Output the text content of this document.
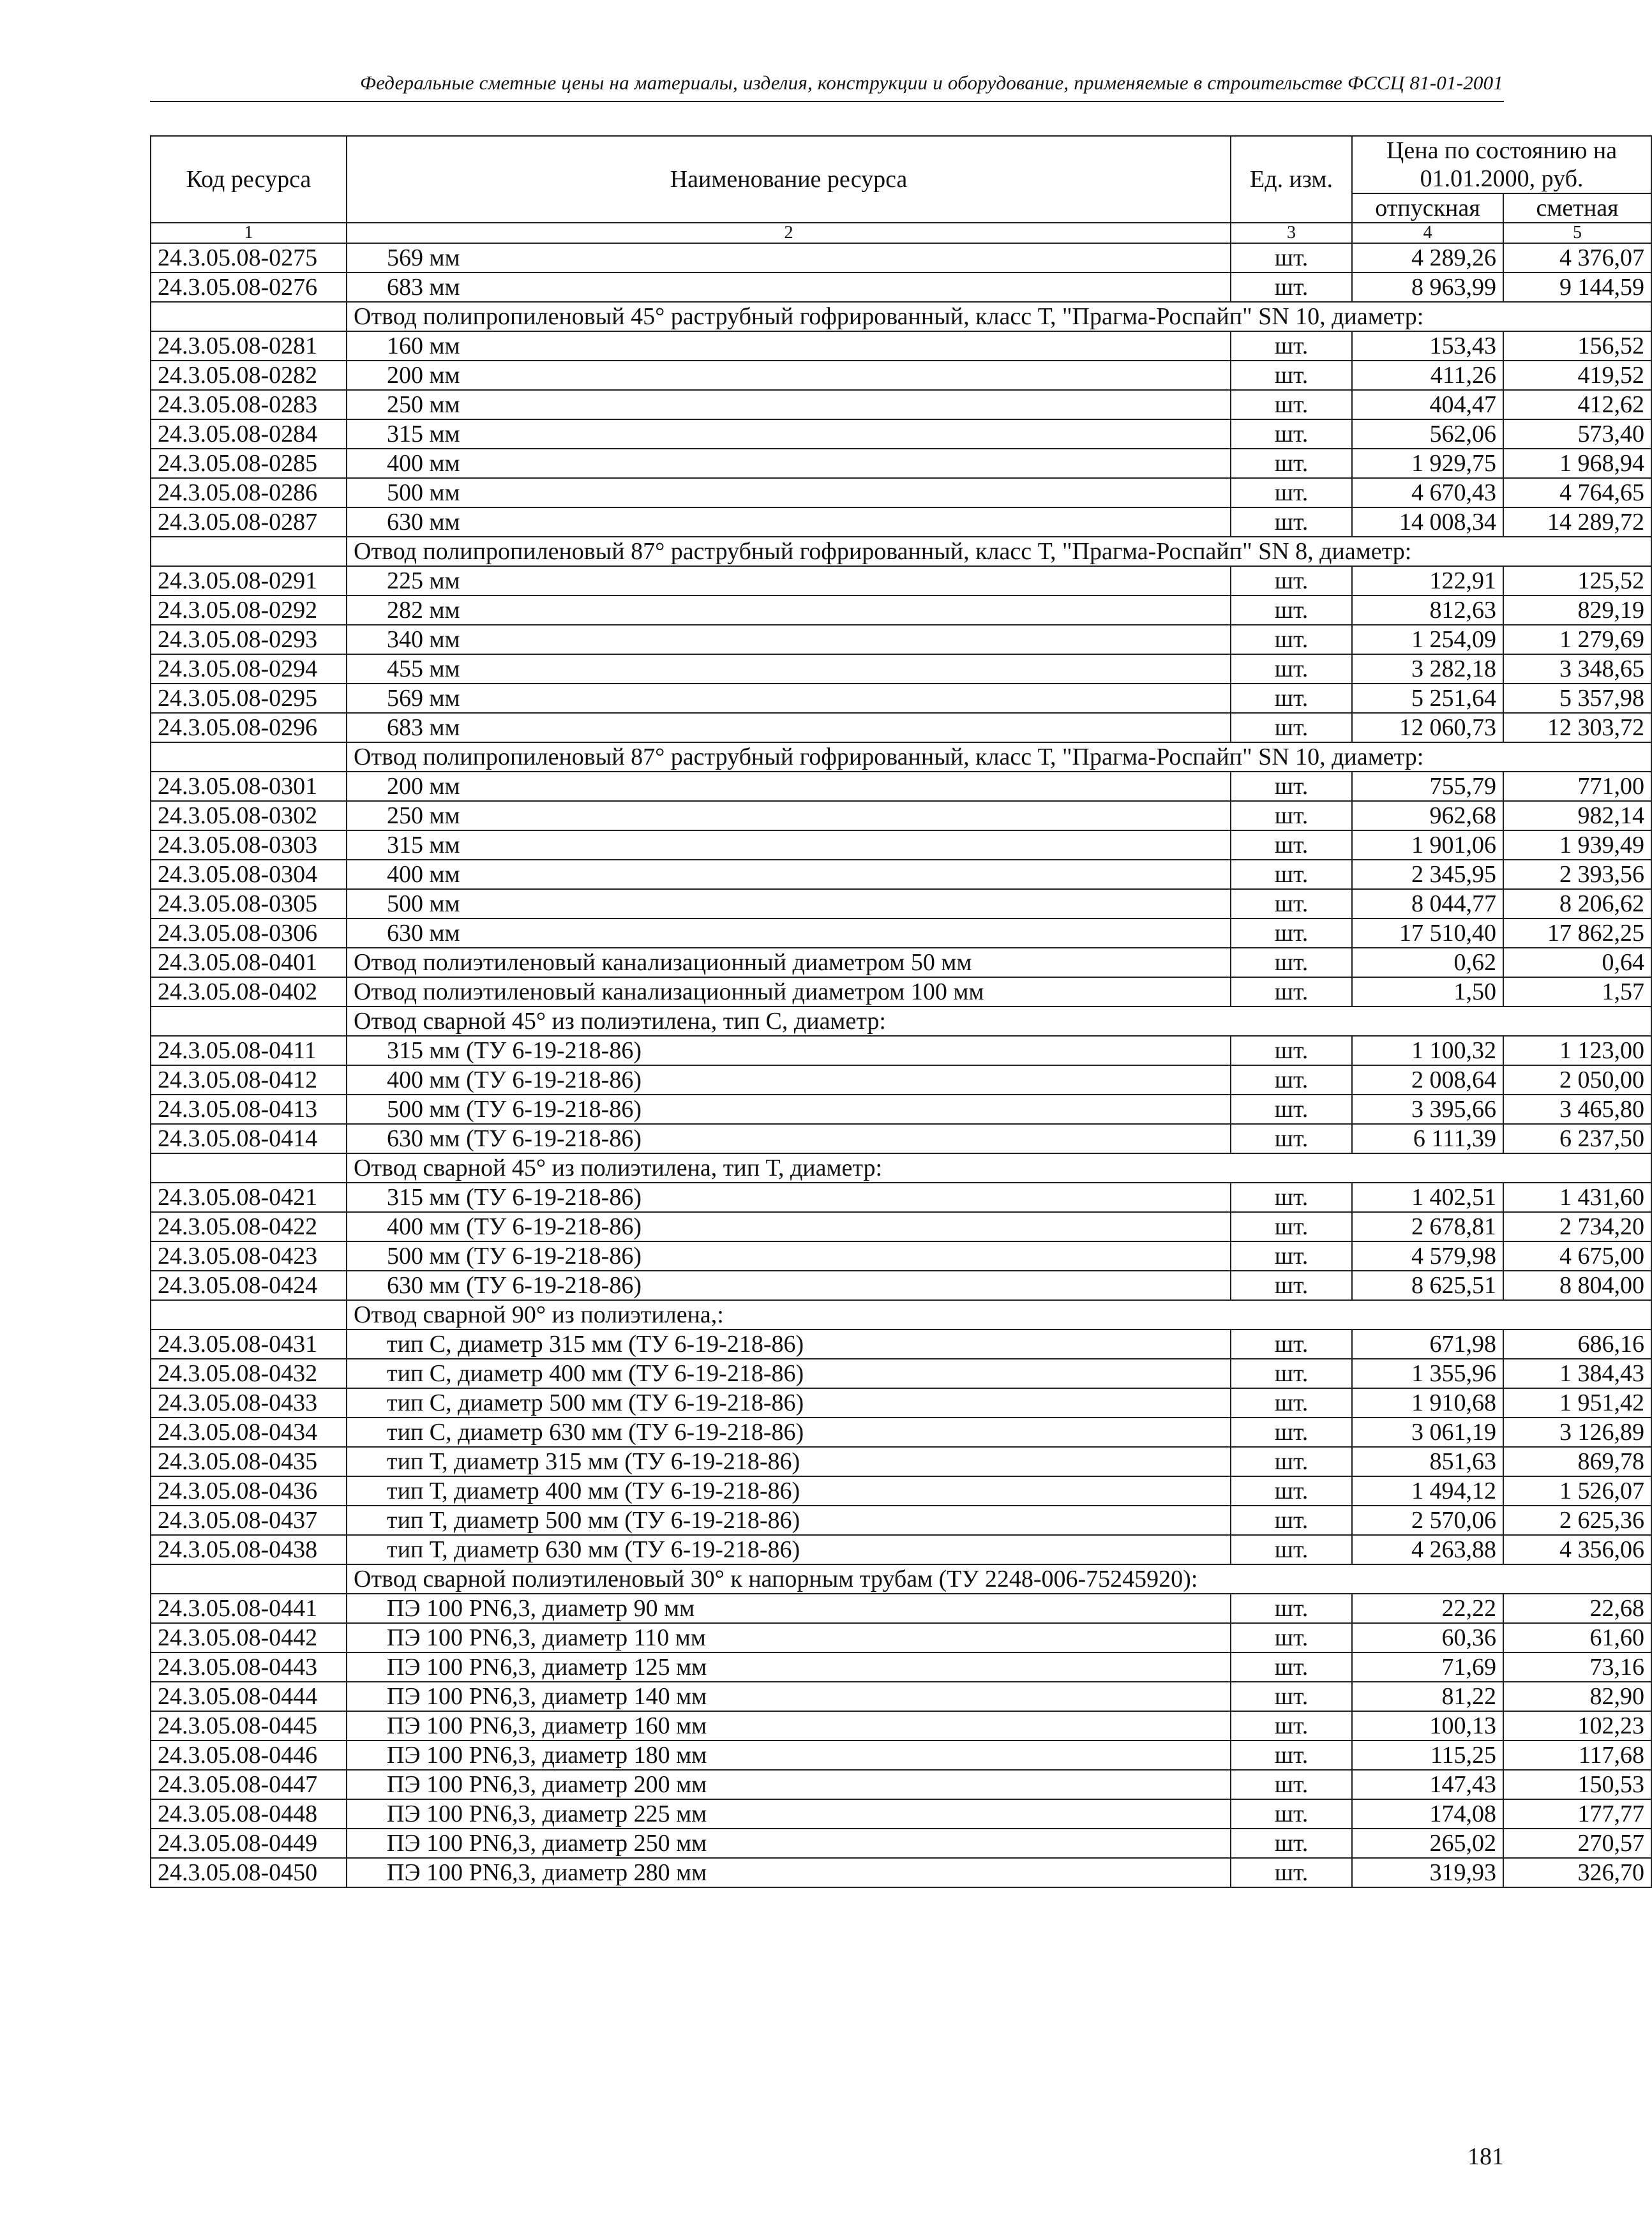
Федеральные сметные цены на материалы, изделия, конструкции и оборудование, применяемые в строительстве ФССЦ 81-01-2001
Код ресурса	Наименование ресурса	Ед. изм.	Цена по состоянию на 01.01.2000, руб.	
			отпускная	сметная
1	2	3	4	5
24.3.05.08-0275	569 мм	шт.	4 289,26	4 376,07
24.3.05.08-0276	683 мм	шт.	8 963,99	9 144,59
	Отвод полипропиленовый 45° раструбный гофрированный, класс Т, "Прагма-Роспайп" SN 10, диаметр:			
24.3.05.08-0281	160 мм	шт.	153,43	156,52
24.3.05.08-0282	200 мм	шт.	411,26	419,52
24.3.05.08-0283	250 мм	шт.	404,47	412,62
24.3.05.08-0284	315 мм	шт.	562,06	573,40
24.3.05.08-0285	400 мм	шт.	1 929,75	1 968,94
24.3.05.08-0286	500 мм	шт.	4 670,43	4 764,65
24.3.05.08-0287	630 мм	шт.	14 008,34	14 289,72
	Отвод полипропиленовый 87° раструбный гофрированный, класс Т, "Прагма-Роспайп" SN 8, диаметр:			
24.3.05.08-0291	225 мм	шт.	122,91	125,52
24.3.05.08-0292	282 мм	шт.	812,63	829,19
24.3.05.08-0293	340 мм	шт.	1 254,09	1 279,69
24.3.05.08-0294	455 мм	шт.	3 282,18	3 348,65
24.3.05.08-0295	569 мм	шт.	5 251,64	5 357,98
24.3.05.08-0296	683 мм	шт.	12 060,73	12 303,72
	Отвод полипропиленовый 87° раструбный гофрированный, класс Т, "Прагма-Роспайп" SN 10, диаметр:			
24.3.05.08-0301	200 мм	шт.	755,79	771,00
24.3.05.08-0302	250 мм	шт.	962,68	982,14
24.3.05.08-0303	315 мм	шт.	1 901,06	1 939,49
24.3.05.08-0304	400 мм	шт.	2 345,95	2 393,56
24.3.05.08-0305	500 мм	шт.	8 044,77	8 206,62
24.3.05.08-0306	630 мм	шт.	17 510,40	17 862,25
24.3.05.08-0401	Отвод полиэтиленовый канализационный диаметром 50 мм	шт.	0,62	0,64
24.3.05.08-0402	Отвод полиэтиленовый канализационный диаметром 100 мм	шт.	1,50	1,57
	Отвод сварной 45° из полиэтилена, тип С, диаметр:			
24.3.05.08-0411	315 мм (ТУ 6-19-218-86)	шт.	1 100,32	1 123,00
24.3.05.08-0412	400 мм (ТУ 6-19-218-86)	шт.	2 008,64	2 050,00
24.3.05.08-0413	500 мм (ТУ 6-19-218-86)	шт.	3 395,66	3 465,80
24.3.05.08-0414	630 мм (ТУ 6-19-218-86)	шт.	6 111,39	6 237,50
	Отвод сварной 45° из полиэтилена, тип Т, диаметр:			
24.3.05.08-0421	315 мм (ТУ 6-19-218-86)	шт.	1 402,51	1 431,60
24.3.05.08-0422	400 мм (ТУ 6-19-218-86)	шт.	2 678,81	2 734,20
24.3.05.08-0423	500 мм (ТУ 6-19-218-86)	шт.	4 579,98	4 675,00
24.3.05.08-0424	630 мм (ТУ 6-19-218-86)	шт.	8 625,51	8 804,00
	Отвод сварной 90° из полиэтилена,:			
24.3.05.08-0431	тип С, диаметр 315 мм (ТУ 6-19-218-86)	шт.	671,98	686,16
24.3.05.08-0432	тип С, диаметр 400 мм (ТУ 6-19-218-86)	шт.	1 355,96	1 384,43
24.3.05.08-0433	тип С, диаметр 500 мм (ТУ 6-19-218-86)	шт.	1 910,68	1 951,42
24.3.05.08-0434	тип С, диаметр 630 мм (ТУ 6-19-218-86)	шт.	3 061,19	3 126,89
24.3.05.08-0435	тип Т, диаметр 315 мм (ТУ 6-19-218-86)	шт.	851,63	869,78
24.3.05.08-0436	тип Т, диаметр 400 мм (ТУ 6-19-218-86)	шт.	1 494,12	1 526,07
24.3.05.08-0437	тип Т, диаметр 500 мм (ТУ 6-19-218-86)	шт.	2 570,06	2 625,36
24.3.05.08-0438	тип Т, диаметр 630 мм (ТУ 6-19-218-86)	шт.	4 263,88	4 356,06
	Отвод сварной полиэтиленовый 30° к напорным трубам (ТУ 2248-006-75245920):			
24.3.05.08-0441	ПЭ 100 PN6,3, диаметр 90 мм	шт.	22,22	22,68
24.3.05.08-0442	ПЭ 100 PN6,3, диаметр 110 мм	шт.	60,36	61,60
24.3.05.08-0443	ПЭ 100 PN6,3, диаметр 125 мм	шт.	71,69	73,16
24.3.05.08-0444	ПЭ 100 PN6,3, диаметр 140 мм	шт.	81,22	82,90
24.3.05.08-0445	ПЭ 100 PN6,3, диаметр 160 мм	шт.	100,13	102,23
24.3.05.08-0446	ПЭ 100 PN6,3, диаметр 180 мм	шт.	115,25	117,68
24.3.05.08-0447	ПЭ 100 PN6,3, диаметр 200 мм	шт.	147,43	150,53
24.3.05.08-0448	ПЭ 100 PN6,3, диаметр 225 мм	шт.	174,08	177,77
24.3.05.08-0449	ПЭ 100 PN6,3, диаметр 250 мм	шт.	265,02	270,57
24.3.05.08-0450	ПЭ 100 PN6,3, диаметр 280 мм	шт.	319,93	326,70
181
